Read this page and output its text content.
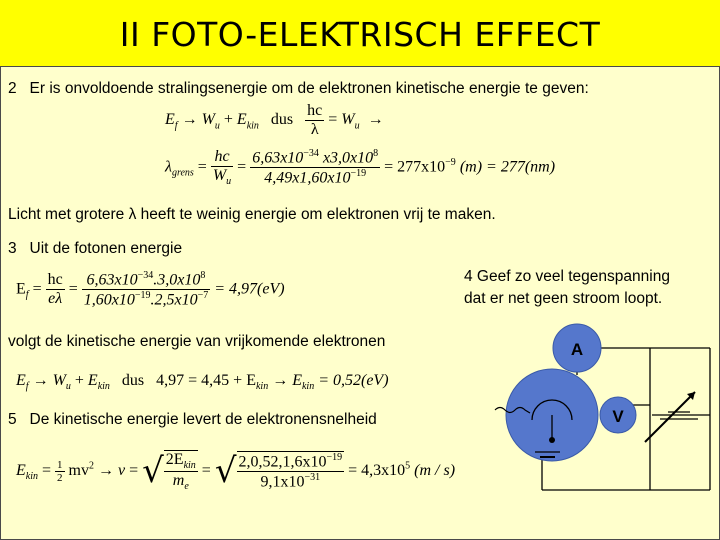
II FOTO-ELEKTRISCH EFFECT
2 Er is onvoldoende stralingsenergie om de elektronen kinetische energie te geven:
$E_f \to W_u + E_{kin}$ dus $\frac{hc}{\lambda} = W_u$ →
$\lambda_{grens} = \frac{hc}{W_u} = \frac{6,63x10^{-34} x3,0x10^8}{4,49x1,60x10^{-19}} = 277x10^{-9}$ (m) = 277(nm)
Licht met grotere λ heeft te weinig energie om elektronen vrij te maken.
3 Uit de fotonen energie
$E_f = \frac{hc}{e\lambda} = \frac{6,63x10^{-34}.3,0x10^8}{1,60x10^{-19}.2,5x10^{-7}} = 4,97(eV)$
4 Geef zo veel tegenspanning
dat er net geen stroom loopt.
volgt de kinetische energie van vrijkomende elektronen
$E_f \to W_u + E_{kin}$ dus $4,97 = 4,45 + E_{kin} \to E_{kin} = 0,52(eV)$
5 De kinetische energie levert de elektronensnelheid
$E_{kin} = \frac{1}{2} mv^2 \to v$ = √ $\frac{2E_{kin}}{m_e}$ = √ $\frac{2,0,52,1,6x10^{-19}}{9,1x10^{-31}} = 4,3x10^5$ (m / s)
A
V
